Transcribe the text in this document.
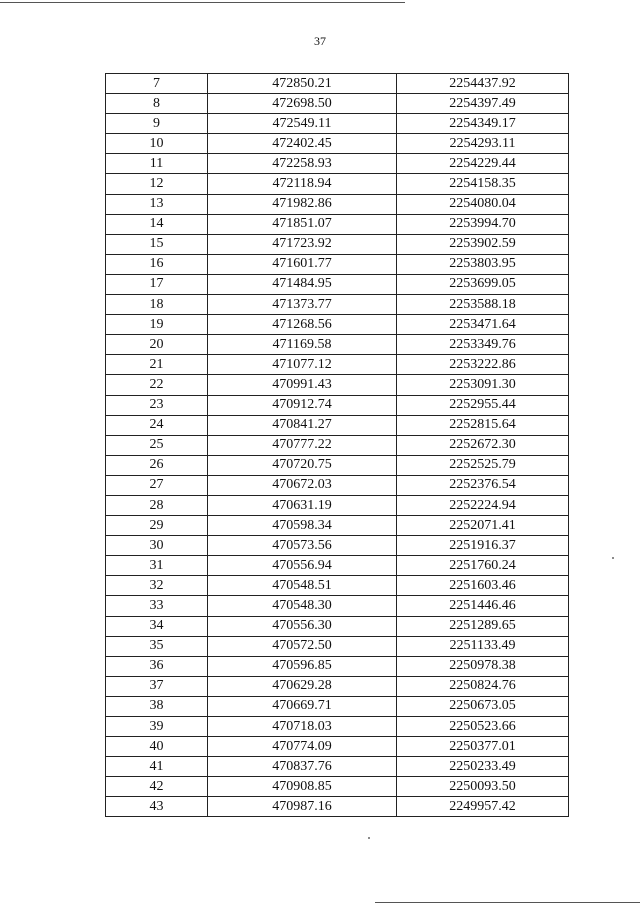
37
7	472850.21	2254437.92
8	472698.50	2254397.49
9	472549.11	2254349.17
10	472402.45	2254293.11
11	472258.93	2254229.44
12	472118.94	2254158.35
13	471982.86	2254080.04
14	471851.07	2253994.70
15	471723.92	2253902.59
16	471601.77	2253803.95
17	471484.95	2253699.05
18	471373.77	2253588.18
19	471268.56	2253471.64
20	471169.58	2253349.76
21	471077.12	2253222.86
22	470991.43	2253091.30
23	470912.74	2252955.44
24	470841.27	2252815.64
25	470777.22	2252672.30
26	470720.75	2252525.79
27	470672.03	2252376.54
28	470631.19	2252224.94
29	470598.34	2252071.41
30	470573.56	2251916.37
31	470556.94	2251760.24
32	470548.51	2251603.46
33	470548.30	2251446.46
34	470556.30	2251289.65
35	470572.50	2251133.49
36	470596.85	2250978.38
37	470629.28	2250824.76
38	470669.71	2250673.05
39	470718.03	2250523.66
40	470774.09	2250377.01
41	470837.76	2250233.49
42	470908.85	2250093.50
43	470987.16	2249957.42
